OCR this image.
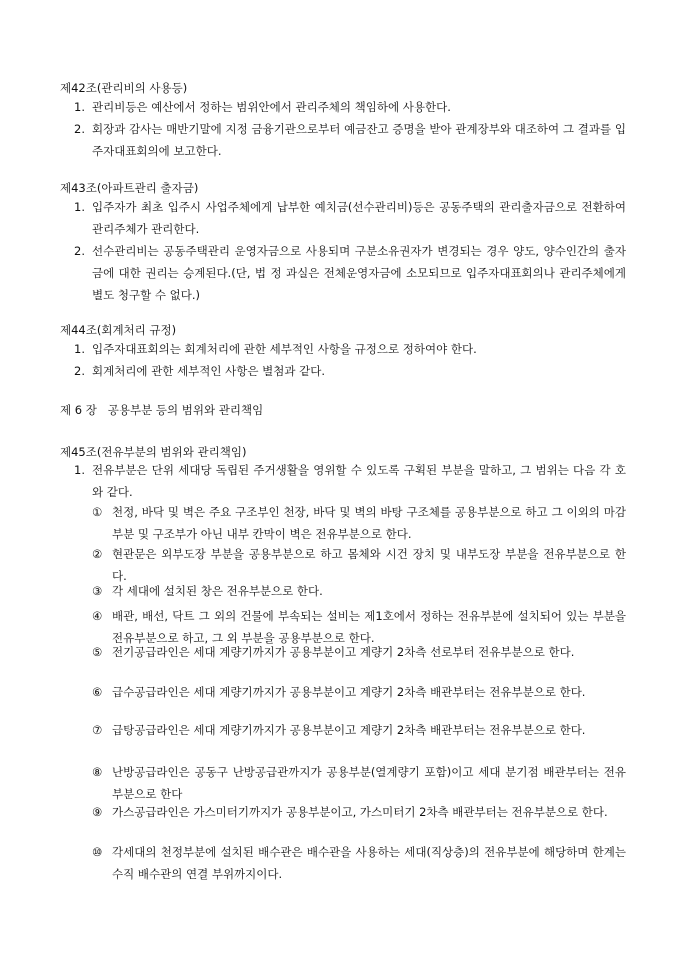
제42조(관리비의 사용등)
1. 관리비등은 예산에서 정하는 범위안에서 관리주체의 책임하에 사용한다.
2. 회장과 감사는 매반기말에 지정 금융기관으로부터 예금잔고 증명을 받아 관계장부와 대조하여 그 결과를 입주자대표회의에 보고한다.
제43조(아파트관리 출자금)
1. 입주자가 최초 입주시 사업주체에게 납부한 예치금(선수관리비)등은 공동주택의 관리출자금으로 전환하여 관리주체가 관리한다.
2. 선수관리비는 공동주택관리 운영자금으로 사용되며 구분소유권자가 변경되는 경우 양도, 양수인간의 출자금에 대한 권리는 승계된다.(단, 법 정 과실은 전체운영자금에 소모되므로 입주자대표회의나 관리주체에게 별도 청구할 수 없다.)
제44조(회계처리 규정)
1. 입주자대표회의는 회계처리에 관한 세부적인 사항을 규정으로 정하여야 한다.
2. 회계처리에 관한 세부적인 사항은 별첨과 같다.
제 6 장   공용부분 등의 범위와 관리책임
제45조(전유부분의 범위와 관리책임)
1. 전유부분은 단위 세대당 독립된 주거생활을 영위할 수 있도록 구획된 부분을 말하고, 그 범위는 다음 각 호와 같다.
① 천정, 바닥 및 벽은 주요 구조부인 천장, 바닥 및 벽의 바탕 구조체를 공용부분으로 하고 그 이외의 마감부분 및 구조부가 아닌 내부 칸막이 벽은 전유부분으로 한다.
② 현관문은 외부도장 부분을 공용부분으로 하고 몸체와 시건 장치 및 내부도장 부분을 전유부분으로 한다.
③ 각 세대에 설치된 창은 전유부분으로 한다.
④ 배관, 배선, 닥트 그 외의 건물에 부속되는 설비는 제1호에서 정하는 전유부분에 설치되어 있는 부분을 전유부분으로 하고, 그 외 부분을 공용부분으로 한다.
⑤ 전기공급라인은 세대 계량기까지가 공용부분이고 계량기 2차측 선로부터 전유부분으로 한다.
⑥ 급수공급라인은 세대 계량기까지가 공용부분이고 계량기 2차측 배관부터는 전유부분으로 한다.
⑦ 급탕공급라인은 세대 계량기까지가 공용부분이고 계량기 2차측 배관부터는 전유부분으로 한다.
⑧ 난방공급라인은 공동구 난방공급관까지가 공용부분(열계량기 포함)이고 세대 분기점 배관부터는 전유부분으로 한다
⑨ 가스공급라인은 가스미터기까지가 공용부분이고, 가스미터기 2차측 배관부터는 전유부분으로 한다.
⑩ 각세대의 천정부분에 설치된 배수관은 배수관을 사용하는 세대(직상층)의 전유부분에 해당하며 한계는 수직 배수관의 연결 부위까지이다.
